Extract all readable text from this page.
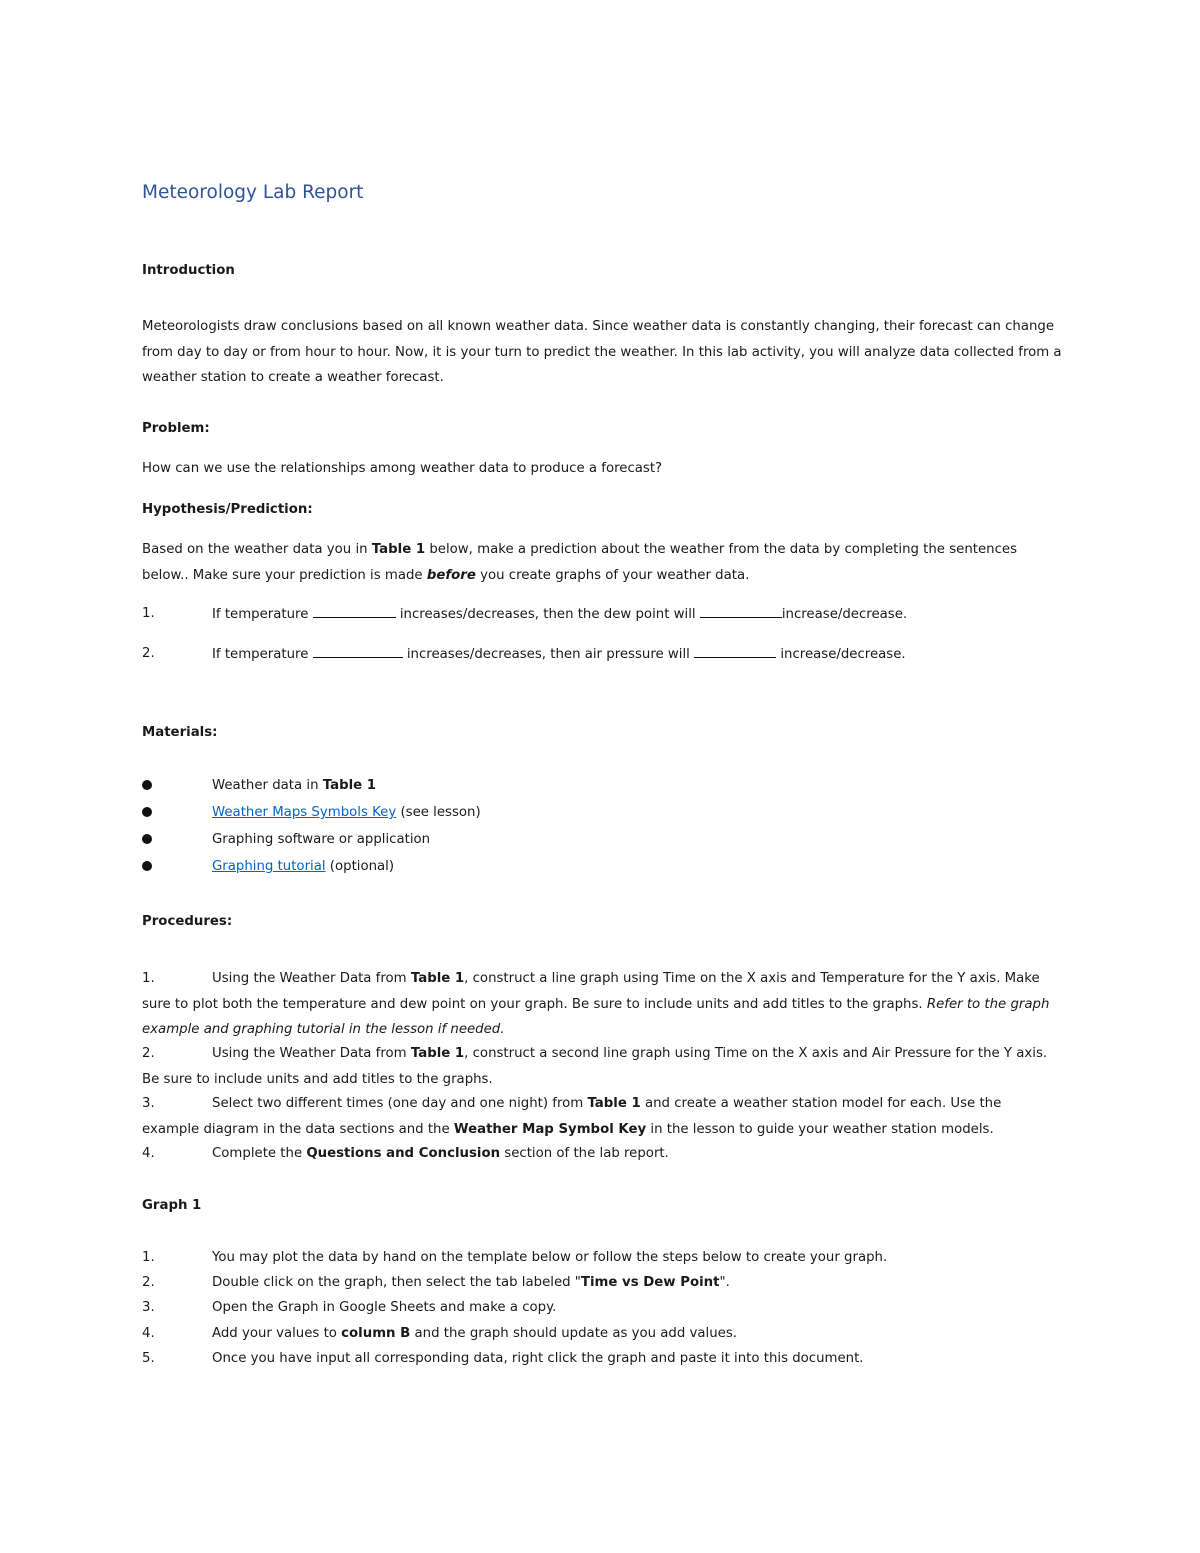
Meteorology Lab Report
Introduction
Meteorologists draw conclusions based on all known weather data. Since weather data is constantly changing, their forecast can change from day to day or from hour to hour. Now, it is your turn to predict the weather. In this lab activity, you will analyze data collected from a weather station to create a weather forecast.
Problem:
How can we use the relationships among weather data to produce a forecast?
Hypothesis/Prediction:
Based on the weather data you in Table 1 below, make a prediction about the weather from the data by completing the sentences below.. Make sure your prediction is made before you create graphs of your weather data.
1.	If temperature	increases/decreases, then the dew point will	increase/decrease.
2.	If temperature	increases/decreases, then air pressure will	increase/decrease.
Materials:
Weather data in Table 1
Weather Maps Symbols Key (see lesson)
Graphing software or application
Graphing tutorial (optional)
Procedures:
1.	Using the Weather Data from Table 1, construct a line graph using Time on the X axis and Temperature for the Y axis. Make sure to plot both the temperature and dew point on your graph. Be sure to include units and add titles to the graphs. Refer to the graph example and graphing tutorial in the lesson if needed.
2.	Using the Weather Data from Table 1, construct a second line graph using Time on the X axis and Air Pressure for the Y axis. Be sure to include units and add titles to the graphs.
3.	Select two different times (one day and one night) from Table 1 and create a weather station model for each. Use the example diagram in the data sections and the Weather Map Symbol Key in the lesson to guide your weather station models.
4.	Complete the Questions and Conclusion section of the lab report.
Graph 1
1.	You may plot the data by hand on the template below or follow the steps below to create your graph.
2.	Double click on the graph, then select the tab labeled "Time vs Dew Point".
3.	Open the Graph in Google Sheets and make a copy.
4.	Add your values to column B and the graph should update as you add values.
5.	Once you have input all corresponding data, right click the graph and paste it into this document.
